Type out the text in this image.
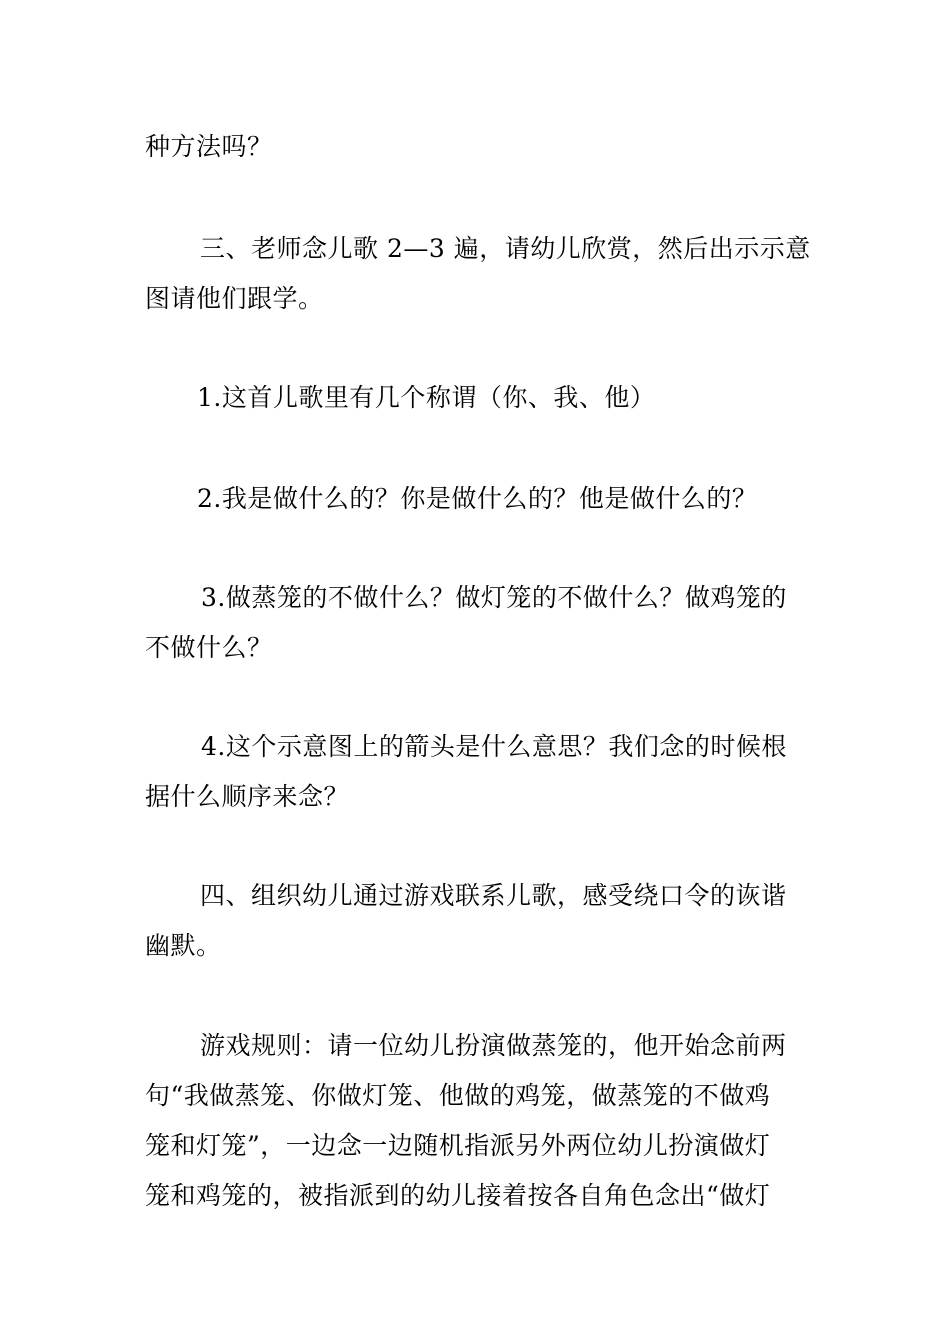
种方法吗？

三、老师念儿歌 2—3 遍，请幼儿欣赏，然后出示示意
图请他们跟学。

1.这首儿歌里有几个称谓（你、我、他）

2.我是做什么的？你是做什么的？他是做什么的？

3.做蒸笼的不做什么？做灯笼的不做什么？做鸡笼的
不做什么？

4.这个示意图上的箭头是什么意思？我们念的时候根
据什么顺序来念？

四、组织幼儿通过游戏联系儿歌，感受绕口令的诙谐
幽默。

游戏规则：请一位幼儿扮演做蒸笼的，他开始念前两
句“我做蒸笼、你做灯笼、他做的鸡笼，做蒸笼的不做鸡
笼和灯笼”，一边念一边随机指派另外两位幼儿扮演做灯
笼和鸡笼的，被指派到的幼儿接着按各自角色念出“做灯
